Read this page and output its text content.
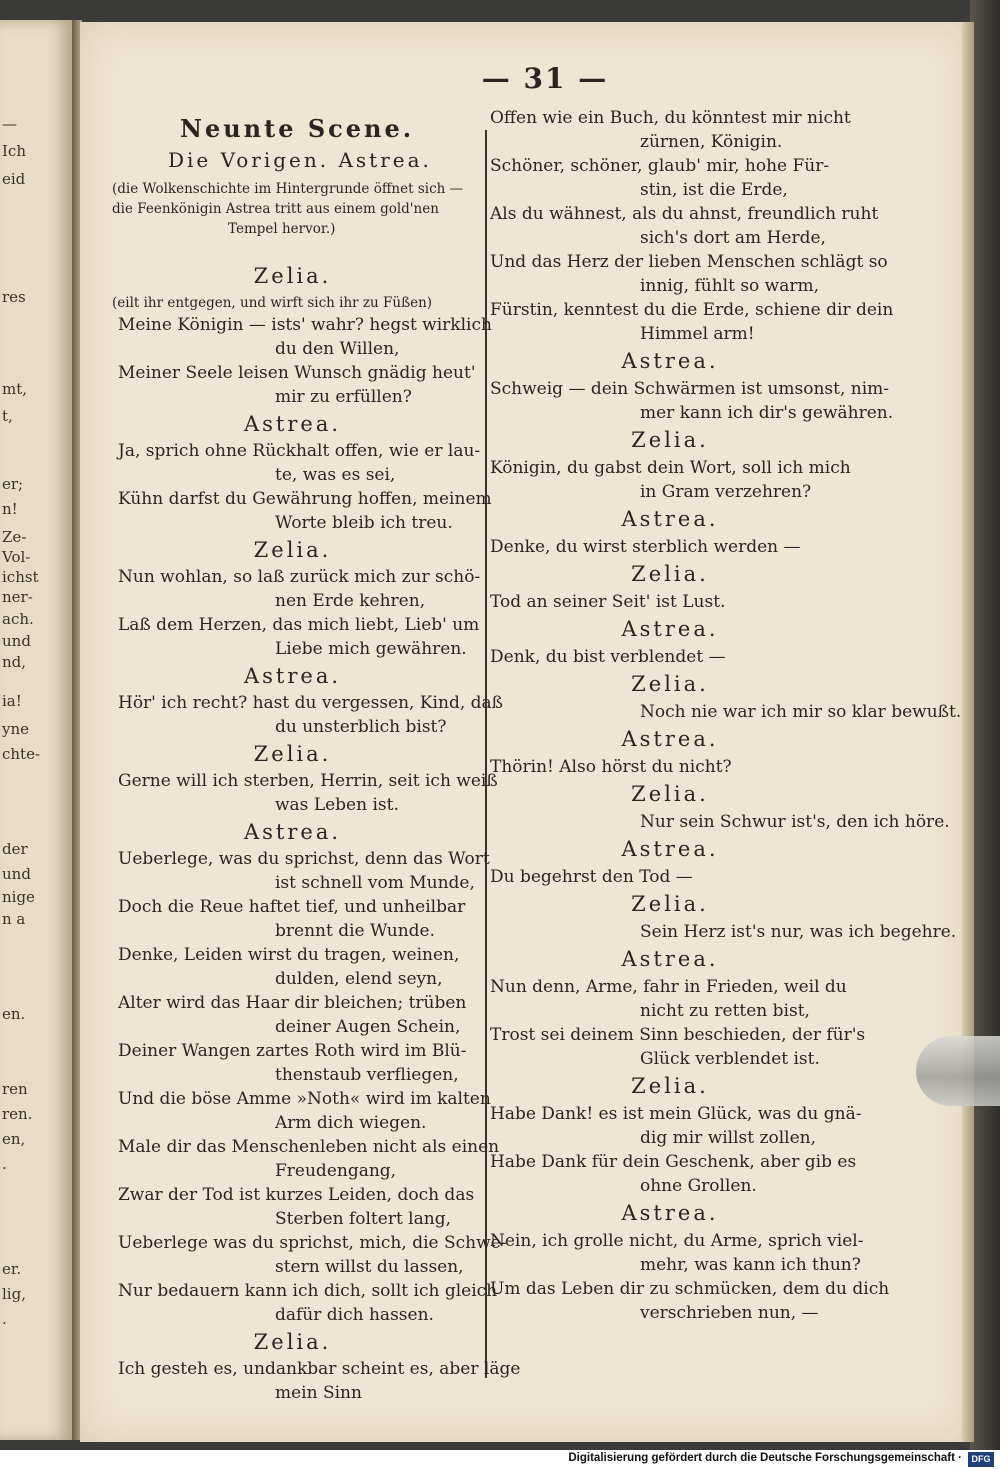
—
Ich
eid
res
mt,
t,
er;
n!
Ze-
Vol-
ichst
ner-
ach.
und
nd,
ia!
yne
chte-
der
und
nige
n a
en.
ren
ren.
en,
.
er.
lig,
.
— 31 —
Neunte Scene.
Die Vorigen. Astrea.
(die Wolkenschichte im Hintergrunde öffnet sich —
die Feenkönigin Astrea tritt aus einem gold'nen
Tempel hervor.)
Zelia.
(eilt ihr entgegen, und wirft sich ihr zu Füßen)
Meine Königin — ists' wahr? hegst wirklich
du den Willen,
Meiner Seele leisen Wunsch gnädig heut'
mir zu erfüllen?
Astrea.
Ja, sprich ohne Rückhalt offen, wie er lau-
te, was es sei,
Kühn darfst du Gewährung hoffen, meinem
Worte bleib ich treu.
Zelia.
Nun wohlan, so laß zurück mich zur schö-
nen Erde kehren,
Laß dem Herzen, das mich liebt, Lieb' um
Liebe mich gewähren.
Astrea.
Hör' ich recht? hast du vergessen, Kind, daß
du unsterblich bist?
Zelia.
Gerne will ich sterben, Herrin, seit ich weiß
was Leben ist.
Astrea.
Ueberlege, was du sprichst, denn das Wort
ist schnell vom Munde,
Doch die Reue haftet tief, und unheilbar
brennt die Wunde.
Denke, Leiden wirst du tragen, weinen,
dulden, elend seyn,
Alter wird das Haar dir bleichen; trüben
deiner Augen Schein,
Deiner Wangen zartes Roth wird im Blü-
thenstaub verfliegen,
Und die böse Amme »Noth« wird im kalten
Arm dich wiegen.
Male dir das Menschenleben nicht als einen
Freudengang,
Zwar der Tod ist kurzes Leiden, doch das
Sterben foltert lang,
Ueberlege was du sprichst, mich, die Schwe-
stern willst du lassen,
Nur bedauern kann ich dich, sollt ich gleich
dafür dich hassen.
Zelia.
Ich gesteh es, undankbar scheint es, aber läge
mein Sinn
Offen wie ein Buch, du könntest mir nicht
zürnen, Königin.
Schöner, schöner, glaub' mir, hohe Für-
stin, ist die Erde,
Als du wähnest, als du ahnst, freundlich ruht
sich's dort am Herde,
Und das Herz der lieben Menschen schlägt so
innig, fühlt so warm,
Fürstin, kenntest du die Erde, schiene dir dein
Himmel arm!
Astrea.
Schweig — dein Schwärmen ist umsonst, nim-
mer kann ich dir's gewähren.
Zelia.
Königin, du gabst dein Wort, soll ich mich
in Gram verzehren?
Astrea.
Denke, du wirst sterblich werden —
Zelia.
Tod an seiner Seit' ist Lust.
Astrea.
Denk, du bist verblendet —
Zelia.
Noch nie war ich mir so klar bewußt.
Astrea.
Thörin! Also hörst du nicht?
Zelia.
Nur sein Schwur ist's, den ich höre.
Astrea.
Du begehrst den Tod —
Zelia.
Sein Herz ist's nur, was ich begehre.
Astrea.
Nun denn, Arme, fahr in Frieden, weil du
nicht zu retten bist,
Trost sei deinem Sinn beschieden, der für's
Glück verblendet ist.
Zelia.
Habe Dank! es ist mein Glück, was du gnä-
dig mir willst zollen,
Habe Dank für dein Geschenk, aber gib es
ohne Grollen.
Astrea.
Nein, ich grolle nicht, du Arme, sprich viel-
mehr, was kann ich thun?
Um das Leben dir zu schmücken, dem du dich
verschrieben nun, —
Digitalisierung gefördert durch die Deutsche Forschungsgemeinschaft ·	DFG
